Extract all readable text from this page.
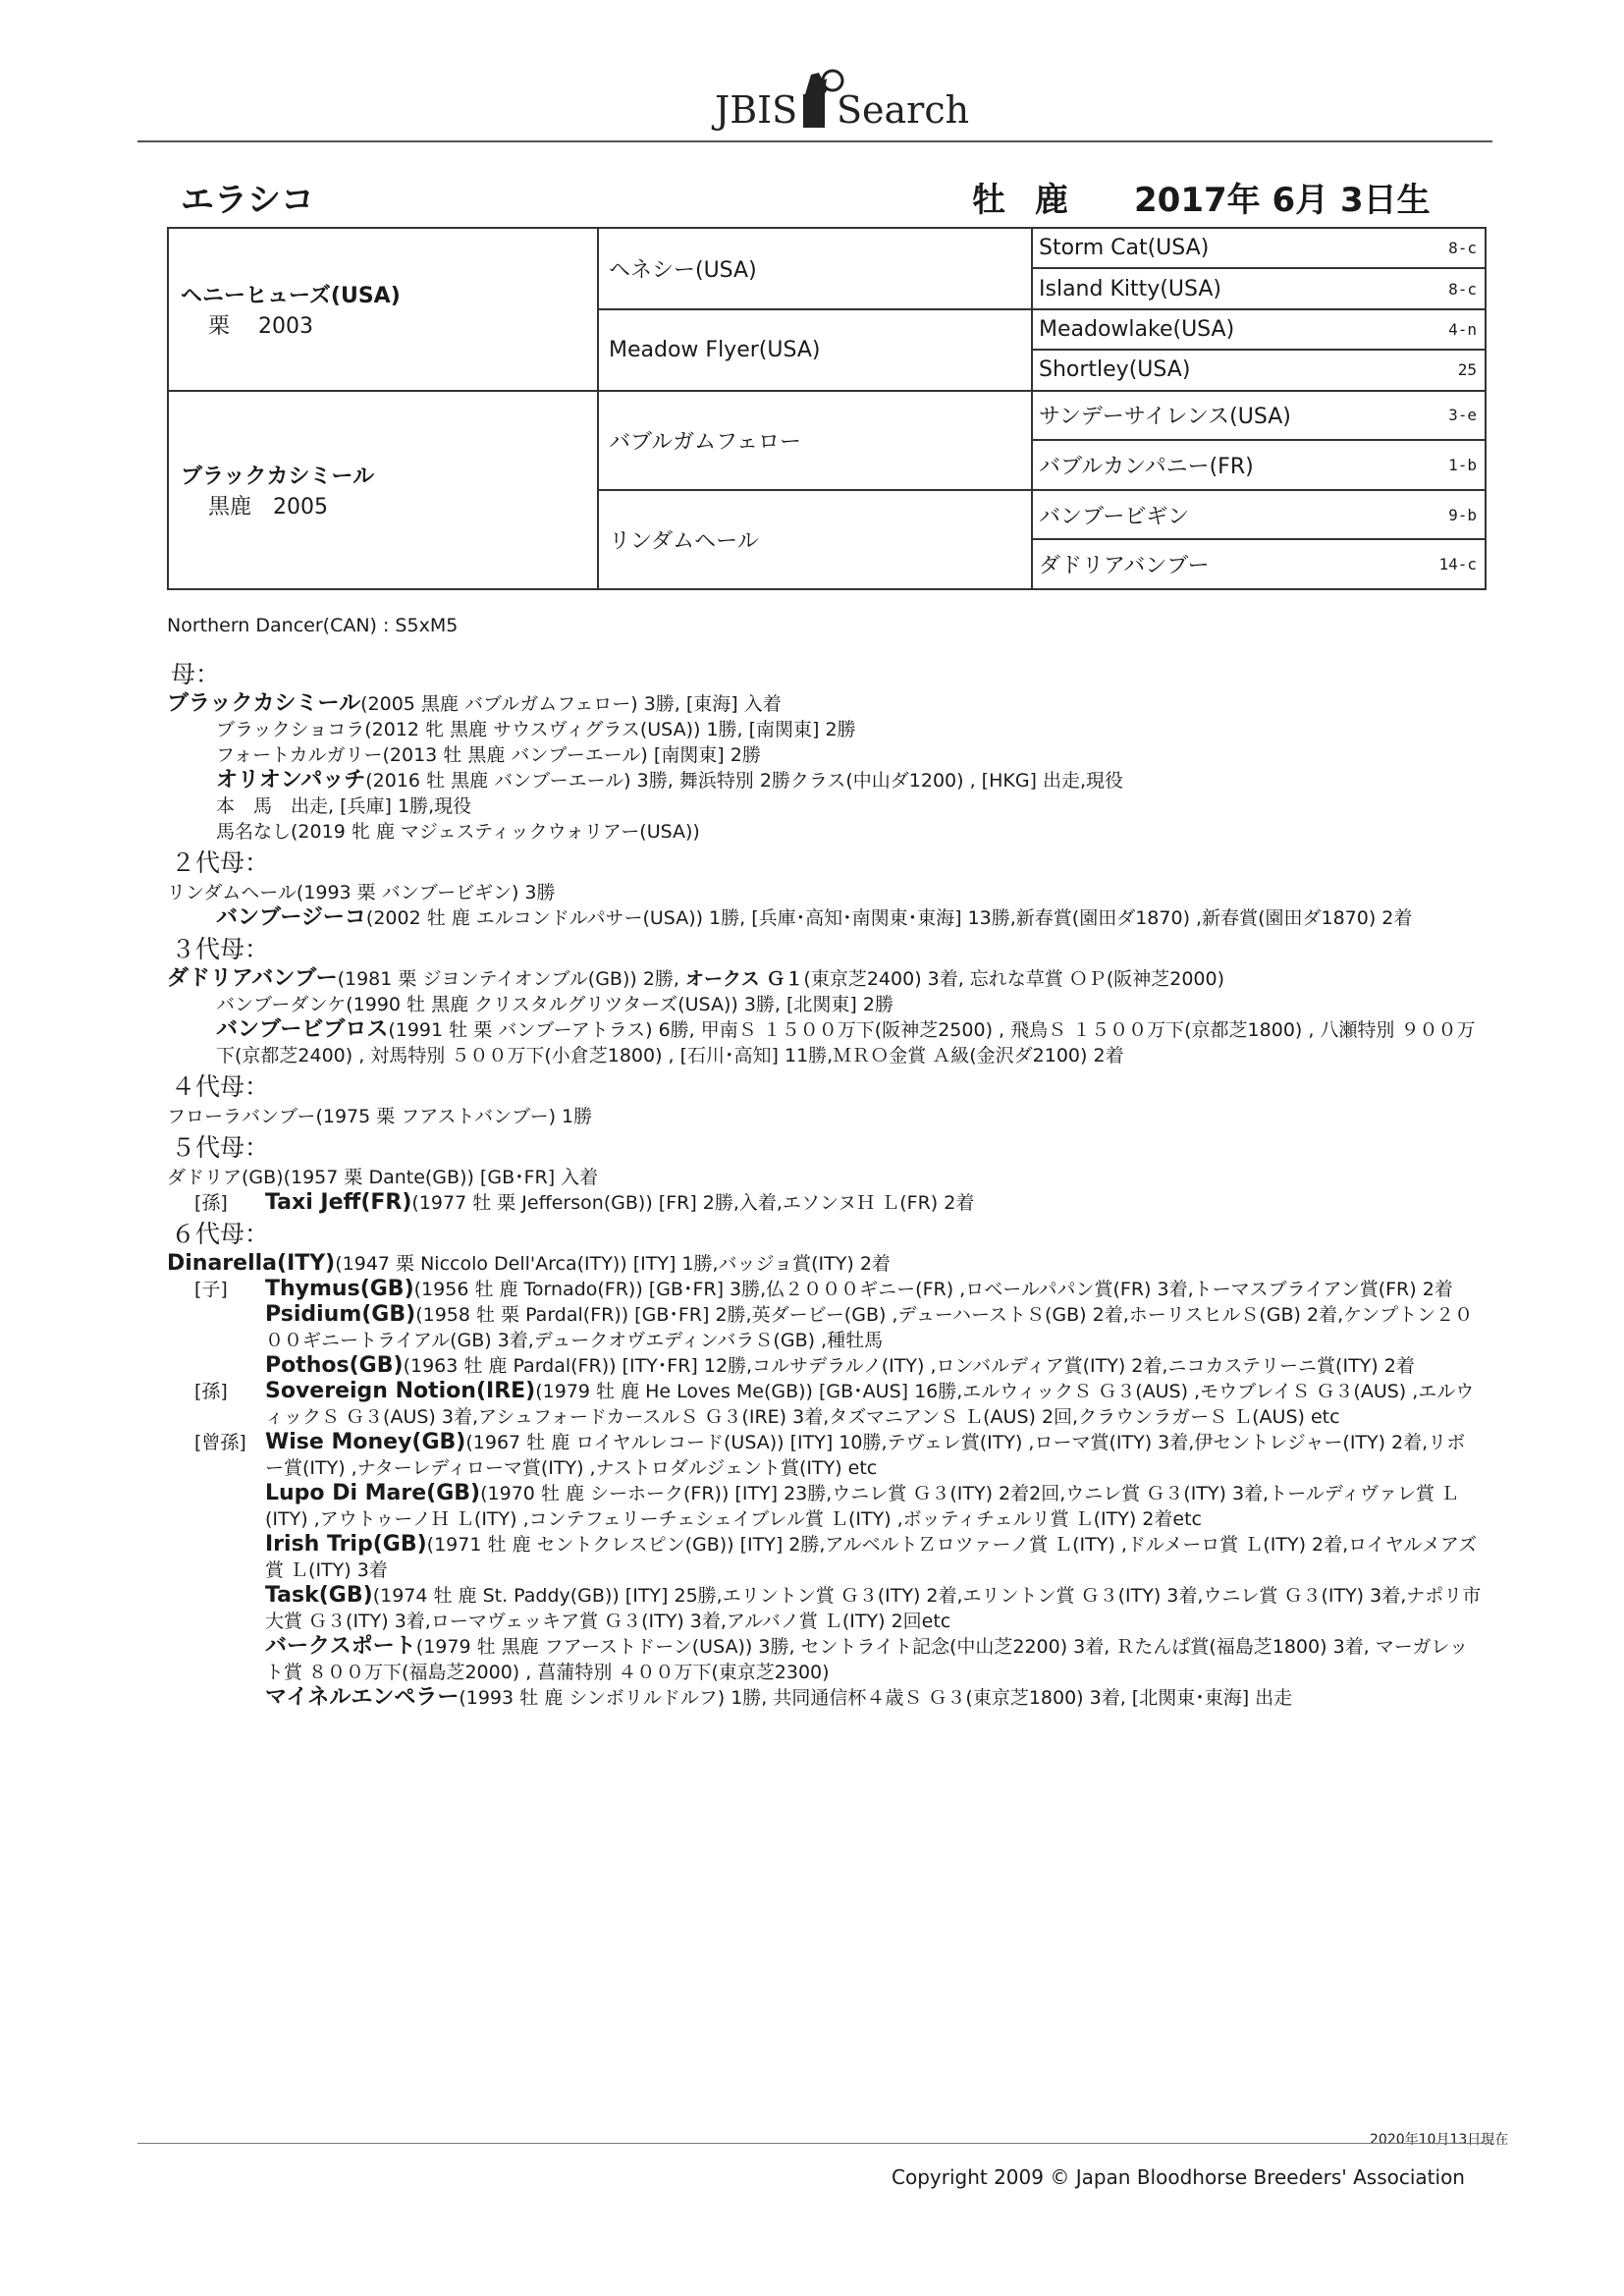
JBIS Search
エラシコ	牡 鹿 2017年 6月 3日生
ヘニーヒューズ(USA)
栗　 2003	ヘネシー(USA)	Storm Cat(USA) 8-c

		Island Kitty(USA) 8-c

	Meadow Flyer(USA)	Meadowlake(USA) 4-n

		Shortley(USA) 25

ブラックカシミール
黒鹿　2005	バブルガムフェロー	サンデーサイレンス(USA) 3-e

		バブルカンパニー(FR) 1-b

	リンダムヘール	バンブービギン 9-b

		ダドリアバンブー 14-c
Northern Dancer(CAN) : S5xM5
母：
ブラックカシミール(2005 黒鹿 バブルガムフェロー) 3勝, [東海] 入着
ブラックショコラ(2012 牝 黒鹿 サウスヴィグラス(USA)) 1勝, [南関東] 2勝
フォートカルガリー(2013 牡 黒鹿 バンブーエール) [南関東] 2勝
オリオンパッチ(2016 牡 黒鹿 バンブーエール) 3勝, 舞浜特別 2勝クラス(中山ダ1200) , [HKG] 出走,現役
本　馬　 出走, [兵庫] 1勝,現役
馬名なし(2019 牝 鹿 マジェスティックウォリアー(USA))
２代母：
リンダムヘール(1993 栗 バンブービギン) 3勝
バンブージーコ(2002 牡 鹿 エルコンドルパサー(USA)) 1勝, [兵庫･高知･南関東･東海] 13勝,新春賞(園田ダ1870) ,新春賞(園田ダ1870) 2着
３代母：
ダドリアバンブー(1981 栗 ジヨンテイオンブル(GB)) 2勝, オークス Ｇ１(東京芝2400) 3着, 忘れな草賞 ＯＰ(阪神芝2000)
バンブーダンケ(1990 牡 黒鹿 クリスタルグリツターズ(USA)) 3勝, [北関東] 2勝
バンブービブロス(1991 牡 栗 バンブーアトラス) 6勝, 甲南Ｓ １５００万下(阪神芝2500) , 飛鳥Ｓ １５００万下(京都芝1800) , 八瀬特別 ９００万下(京都芝2400) , 対馬特別 ５００万下(小倉芝1800) , [石川･高知] 11勝,ＭＲＯ金賞 Ａ級(金沢ダ2100) 2着
４代母：
フローラバンブー(1975 栗 フアストバンブー) 1勝
５代母：
ダドリア(GB)(1957 栗 Dante(GB)) [GB･FR] 入着
[孫] Taxi Jeff(FR)(1977 牡 栗 Jefferson(GB)) [FR] 2勝,入着,エソンヌＨ Ｌ(FR) 2着
６代母：
Dinarella(ITY)(1947 栗 Niccolo Dell'Arca(ITY)) [ITY] 1勝,バッジョ賞(ITY) 2着
[子] Thymus(GB)(1956 牡 鹿 Tornado(FR)) [GB･FR] 3勝,仏２０００ギニー(FR) ,ロベールパパン賞(FR) 3着,トーマスブライアン賞(FR) 2着
Psidium(GB)(1958 牡 栗 Pardal(FR)) [GB･FR] 2勝,英ダービー(GB) ,デューハーストＳ(GB) 2着,ホーリスヒルＳ(GB) 2着,ケンプトン２０００ギニートライアル(GB) 3着,デュークオヴエディンバラＳ(GB) ,種牡馬
Pothos(GB)(1963 牡 鹿 Pardal(FR)) [ITY･FR] 12勝,コルサデラルノ(ITY) ,ロンバルディア賞(ITY) 2着,ニコカステリーニ賞(ITY) 2着
[孫] Sovereign Notion(IRE)(1979 牡 鹿 He Loves Me(GB)) [GB･AUS] 16勝,エルウィックＳ Ｇ３(AUS) ,モウブレイＳ Ｇ３(AUS) ,エルウィックＳ Ｇ３(AUS) 3着,アシュフォードカースルＳ Ｇ３(IRE) 3着,タズマニアンＳ Ｌ(AUS) 2回,クラウンラガーＳ Ｌ(AUS) etc
[曾孫] Wise Money(GB)(1967 牡 鹿 ロイヤルレコード(USA)) [ITY] 10勝,テヴェレ賞(ITY) ,ローマ賞(ITY) 3着,伊セントレジャー(ITY) 2着,リボー賞(ITY) ,ナターレディローマ賞(ITY) ,ナストロダルジェント賞(ITY) etc
Lupo Di Mare(GB)(1970 牡 鹿 シーホーク(FR)) [ITY] 23勝,ウニレ賞 Ｇ３(ITY) 2着2回,ウニレ賞 Ｇ３(ITY) 3着,トールディヴァレ賞 Ｌ(ITY) ,アウトゥーノＨ Ｌ(ITY) ,コンテフェリーチェシェイブレル賞 Ｌ(ITY) ,ボッティチェルリ賞 Ｌ(ITY) 2着etc
Irish Trip(GB)(1971 牡 鹿 セントクレスピン(GB)) [ITY] 2勝,アルベルトＺロツァーノ賞 Ｌ(ITY) ,ドルメーロ賞 Ｌ(ITY) 2着,ロイヤルメアズ賞 Ｌ(ITY) 3着
Task(GB)(1974 牡 鹿 St. Paddy(GB)) [ITY] 25勝,エリントン賞 Ｇ３(ITY) 2着,エリントン賞 Ｇ３(ITY) 3着,ウニレ賞 Ｇ３(ITY) 3着,ナポリ市大賞 Ｇ３(ITY) 3着,ローマヴェッキア賞 Ｇ３(ITY) 3着,アルバノ賞 Ｌ(ITY) 2回etc
バークスポート(1979 牡 黒鹿 フアーストドーン(USA)) 3勝, セントライト記念(中山芝2200) 3着, Ｒたんぱ賞(福島芝1800) 3着, マーガレット賞 ８００万下(福島芝2000) , 菖蒲特別 ４００万下(東京芝2300)
マイネルエンペラー(1993 牡 鹿 シンボリルドルフ) 1勝, 共同通信杯４歳Ｓ Ｇ３(東京芝1800) 3着, [北関東･東海] 出走
2020年10月13日現在
Copyright 2009 © Japan Bloodhorse Breeders' Association
